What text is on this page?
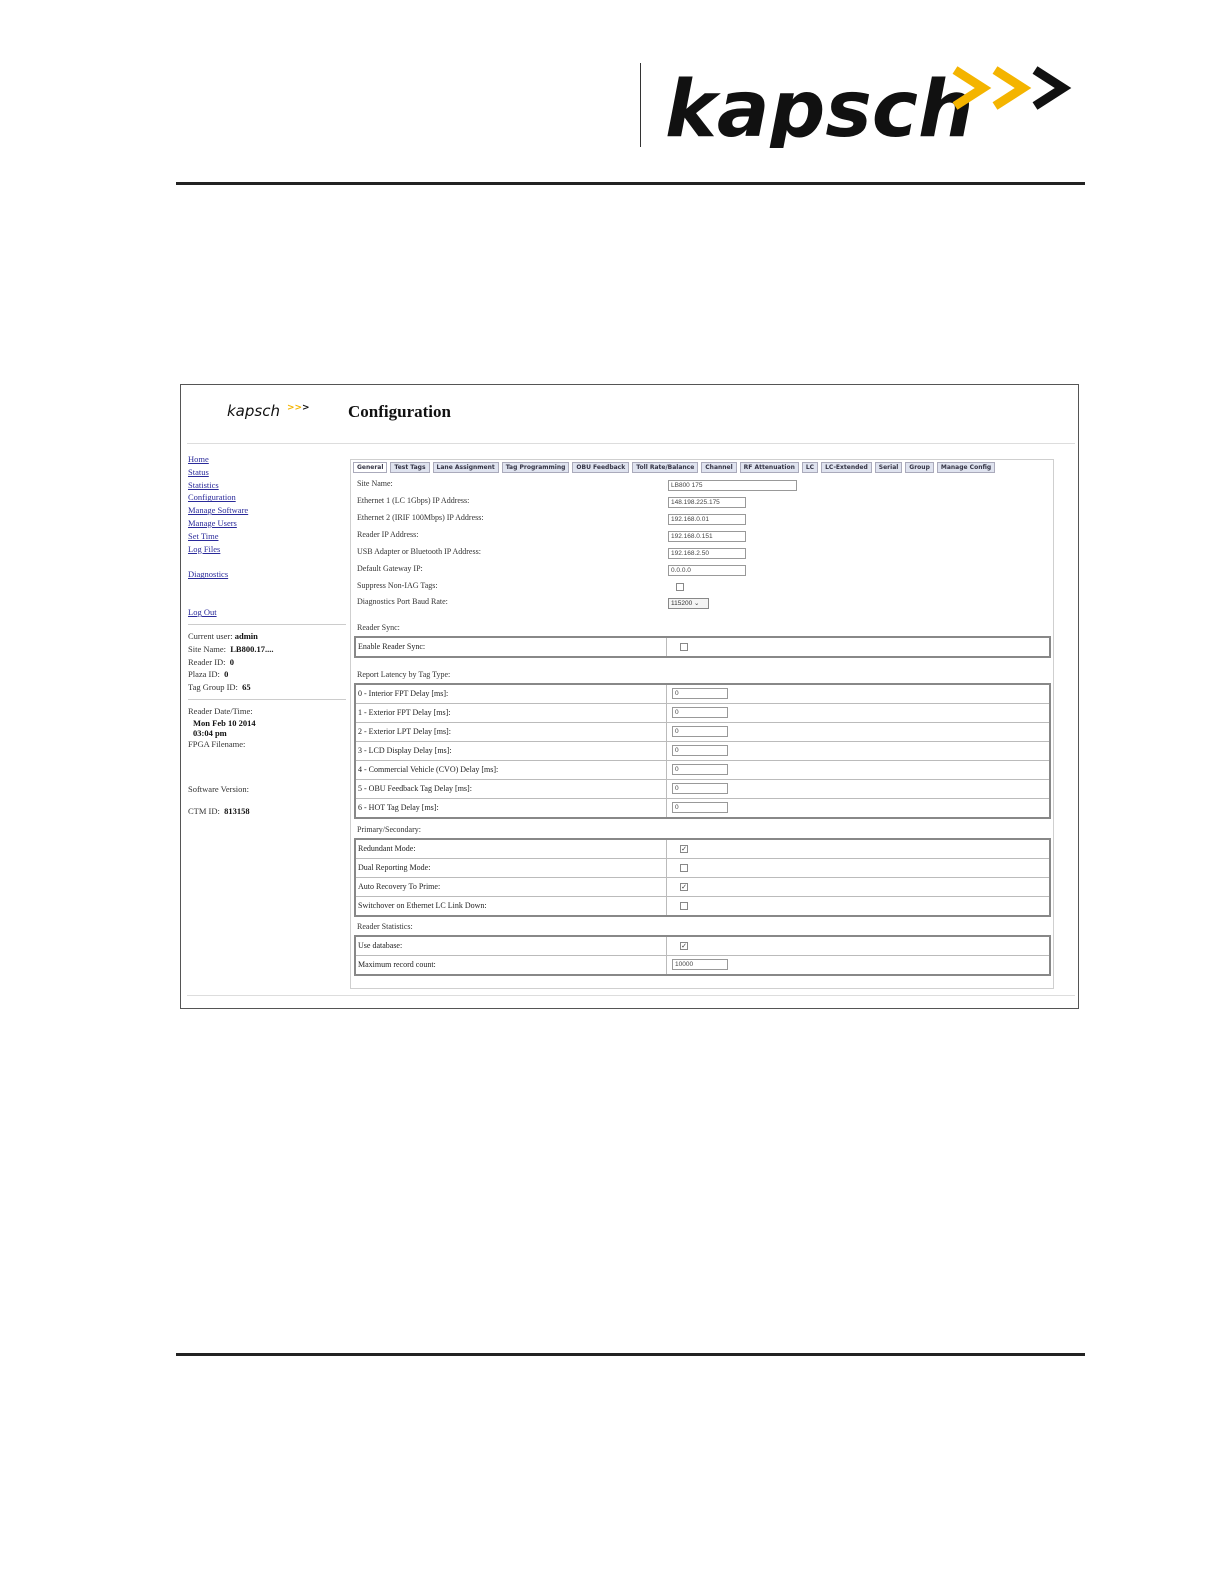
kapsch
kapsch >> > Configuration
Home
Status
Statistics
Configuration
Manage Software
Manage Users
Set Time
Log Files
Diagnostics
Log Out
Current user: admin
Site Name: LB800.17....
Reader ID: 0
Plaza ID: 0
Tag Group ID: 65
Reader Date/Time:
Mon Feb 10 2014
03:04 pm
FPGA Filename:
Software Version:
CTM ID: 813158
General	Test Tags	Lane Assignment	Tag Programming	OBU Feedback	Toll Rate/Balance	Channel	RF Attenuation	LC	LC-Extended	Serial	Group	Manage Config
Site Name:	LB800 175
Ethernet 1 (LC 1Gbps) IP Address:	148.198.225.175
Ethernet 2 (IRIF 100Mbps) IP Address:	192.168.0.01
Reader IP Address:	192.168.0.151
USB Adapter or Bluetooth IP Address:	192.168.2.50
Default Gateway IP:	0.0.0.0
Suppress Non-IAG Tags:
Diagnostics Port Baud Rate:	115200 ⌄
Reader Sync:
Enable Reader Sync:
Report Latency by Tag Type:
0 - Interior FPT Delay [ms]:	0
1 - Exterior FPT Delay [ms]:	0
2 - Exterior LPT Delay [ms]:	0
3 - LCD Display Delay [ms]:	0
4 - Commercial Vehicle (CVO) Delay [ms]:	0
5 - OBU Feedback Tag Delay [ms]:	0
6 - HOT Tag Delay [ms]:	0
Primary/Secondary:
Redundant Mode:	✓
Dual Reporting Mode:
Auto Recovery To Prime:	✓
Switchover on Ethernet LC Link Down:
Reader Statistics:
Use database:	✓
Maximum record count:	10000
